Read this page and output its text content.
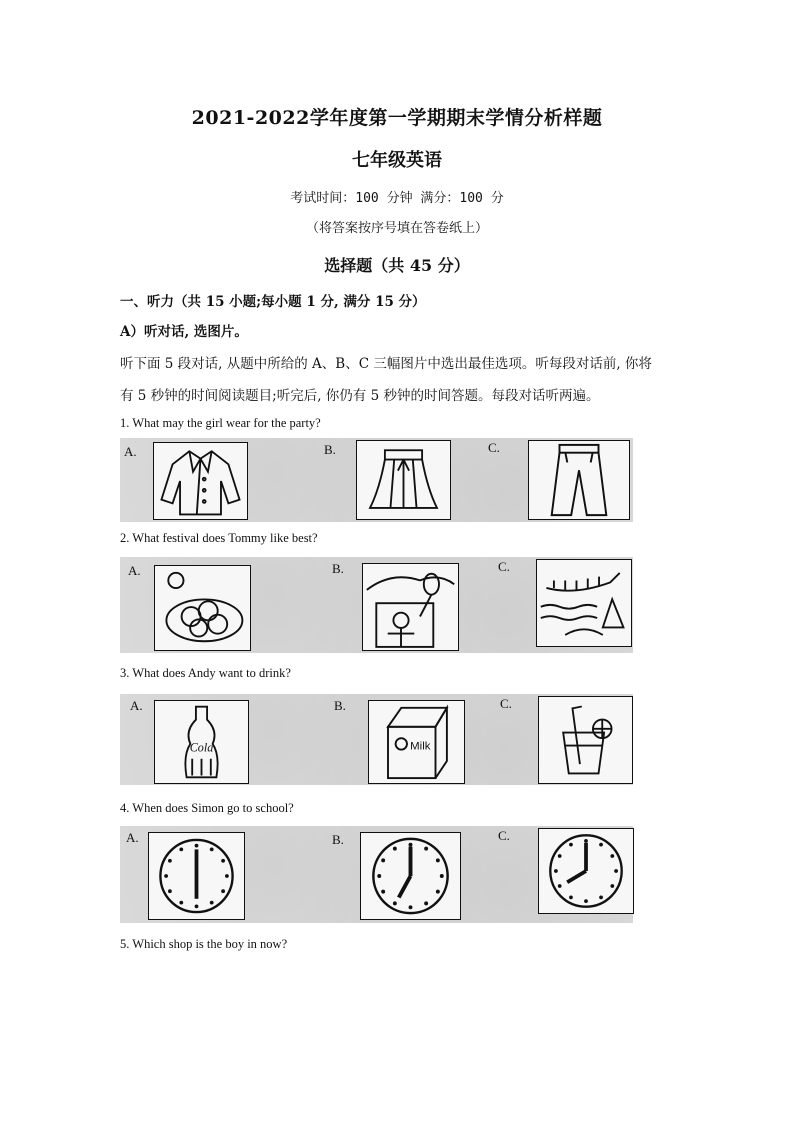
2021-2022学年度第一学期期末学情分析样题
七年级英语
考试时间：100 分钟 满分：100 分
（将答案按序号填在答卷纸上）
选择题（共 45 分）
一、听力（共 15 小题;每小题 1 分, 满分 15 分）
A）听对话, 选图片。
听下面 5 段对话, 从题中所给的 A、B、C 三幅图片中选出最佳选项。听每段对话前, 你将
有 5 秒钟的时间阅读题目;听完后, 你仍有 5 秒钟的时间答题。每段对话听两遍。
1. What may the girl wear for the party?
A.	B.	C.
2. What festival does Tommy like best?
A.	B.	C.
3. What does Andy want to drink?
A.	B.	C.
Cola	Milk
4. When does Simon go to school?
A.	B.	C.
5. Which shop is the boy in now?
